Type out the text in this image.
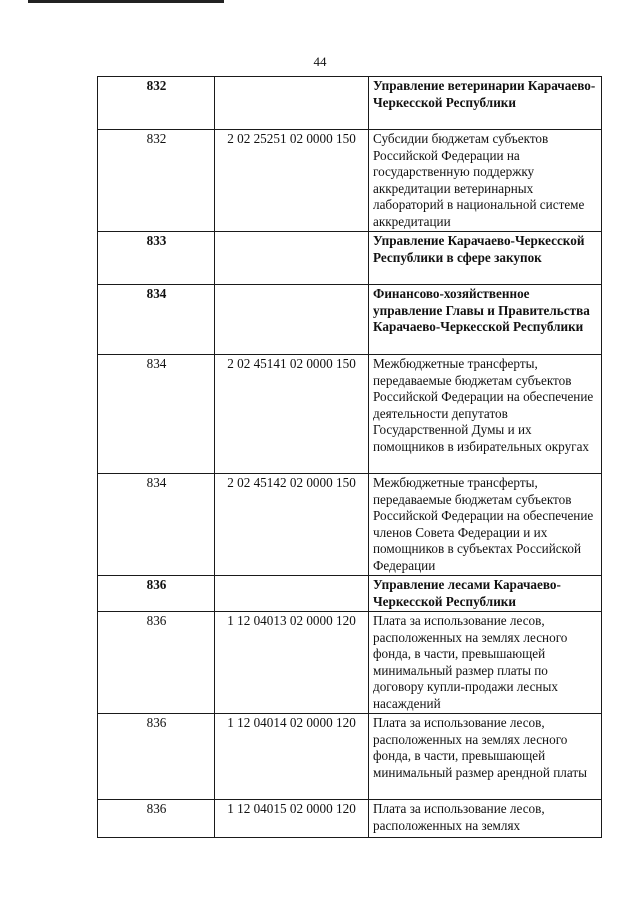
44
832		Управление ветеринарии Карачаево-Черкесской Республики
832	2 02 25251 02 0000 150	Субсидии бюджетам субъектов Российской Федерации на государственную поддержку аккредитации ветеринарных лабораторий в национальной системе аккредитации
833		Управление Карачаево-Черкесской Республики в сфере закупок
834		Финансово-хозяйственное управление Главы и Правительства Карачаево-Черкесской Республики
834	2 02 45141 02 0000 150	Межбюджетные трансферты, передаваемые бюджетам субъектов Российской Федерации на обеспечение деятельности депутатов Государственной Думы и их помощников в избирательных округах
834	2 02 45142 02 0000 150	Межбюджетные трансферты, передаваемые бюджетам субъектов Российской Федерации на обеспечение членов Совета Федерации и их помощников в субъектах Российской Федерации
836		Управление лесами Карачаево-Черкесской Республики
836	1 12 04013 02 0000 120	Плата за использование лесов, расположенных на землях лесного фонда, в части, превышающей минимальный размер платы по договору купли-продажи лесных насаждений
836	1 12 04014 02 0000 120	Плата за использование лесов, расположенных на землях лесного фонда, в части, превышающей минимальный размер арендной платы
836	1 12 04015 02 0000 120	Плата за использование лесов, расположенных на землях
